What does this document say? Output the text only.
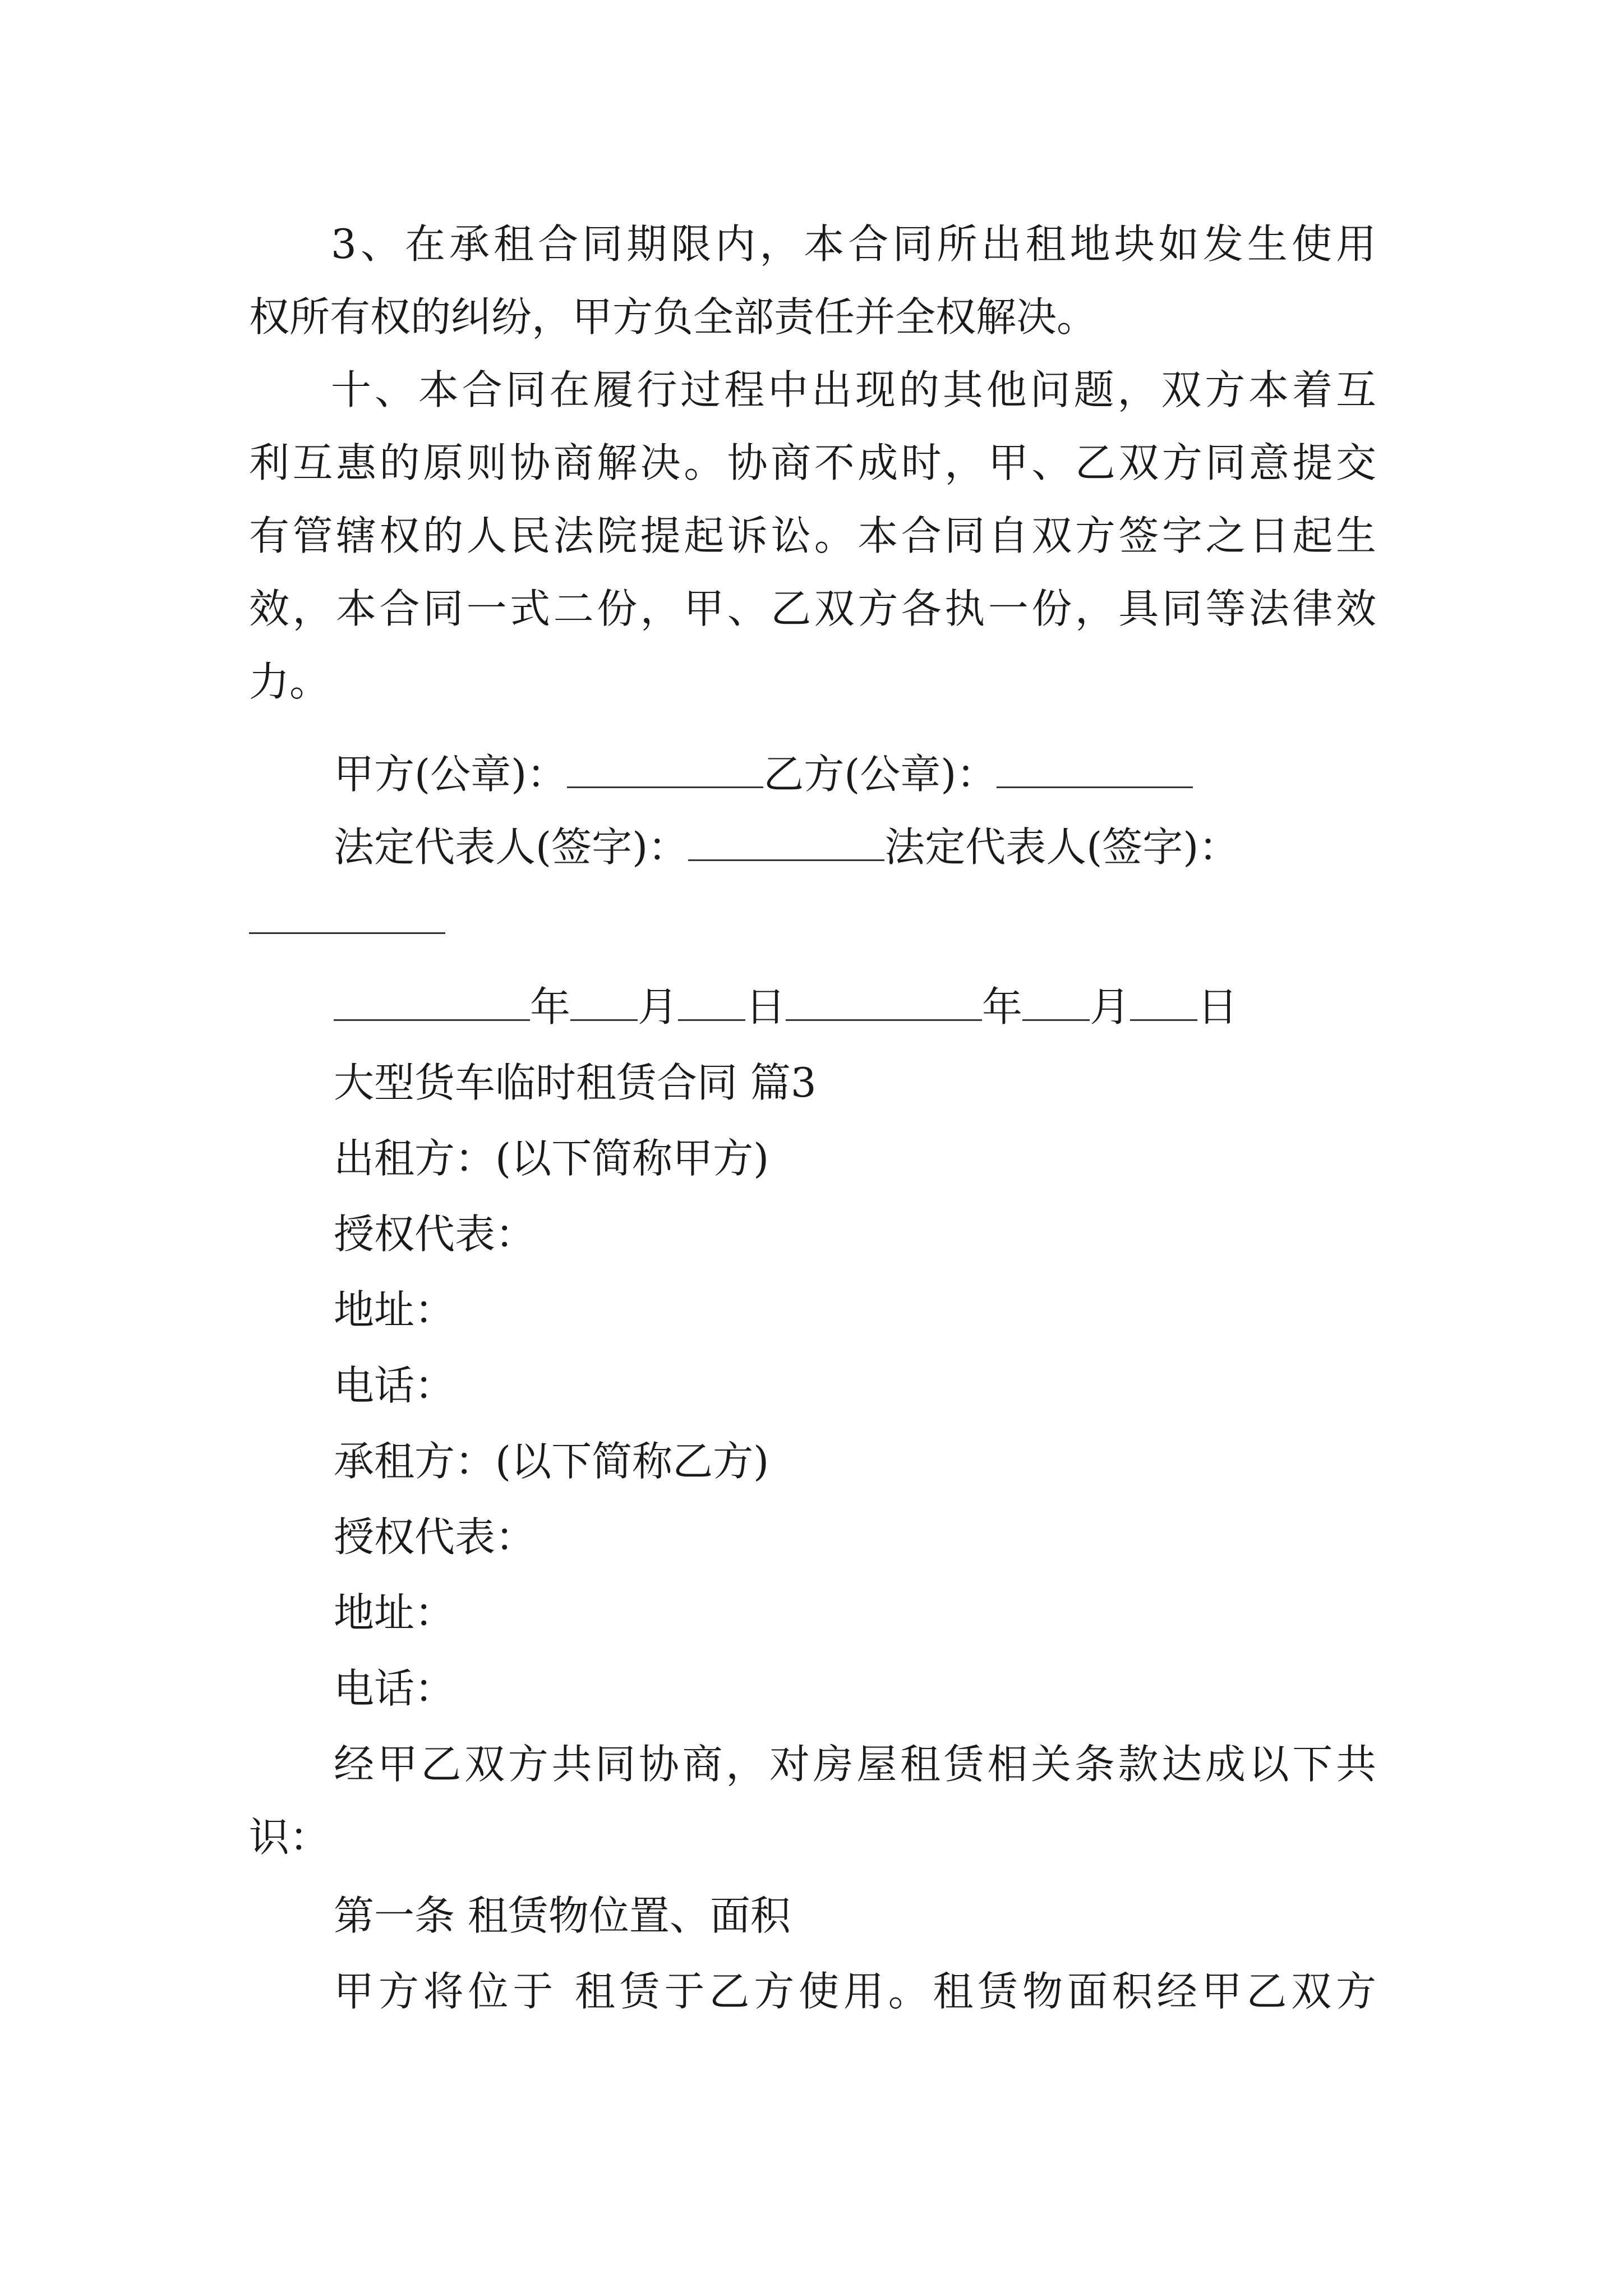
3、在承租合同期限内，本合同所出租地块如发生使用
权所有权的纠纷，甲方负全部责任并全权解决。
十、本合同在履行过程中出现的其他问题，双方本着互
利互惠的原则协商解决。协商不成时，甲、乙双方同意提交
有管辖权的人民法院提起诉讼。本合同自双方签字之日起生
效，本合同一式二份，甲、乙双方各执一份，具同等法律效
力。
甲方(公章)：	乙方(公章)：
法定代表人(签字)：	法定代表人(签字)：
年 月 日	年 月 日
大型货车临时租赁合同 篇3
出租方：(以下简称甲方)
授权代表：
地址：
电话：
承租方：(以下简称乙方)
授权代表：
地址：
电话：
经甲乙双方共同协商，对房屋租赁相关条款达成以下共
识：
第一条 租赁物位置、面积
甲方将位于 租赁于乙方使用。租赁物面积经甲乙双方
